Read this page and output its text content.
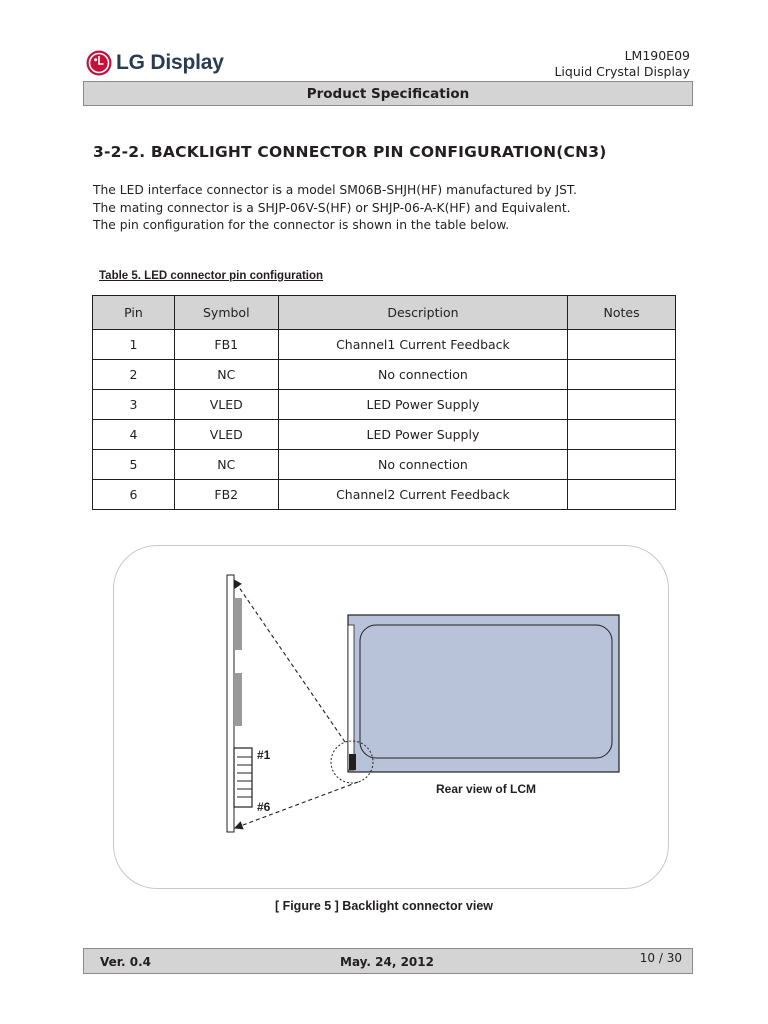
LG Display	LM190E09
Liquid Crystal Display
Product Specification
3-2-2. BACKLIGHT CONNECTOR PIN CONFIGURATION(CN3)
The LED interface connector is a model SM06B-SHJH(HF) manufactured by JST.
The mating connector is a SHJP-06V-S(HF) or SHJP-06-A-K(HF) and Equivalent.
The pin configuration for the connector is shown in the table below.
Table 5. LED connector pin configuration
Pin	Symbol	Description	Notes
1	FB1	Channel1 Current Feedback	
2	NC	No connection	
3	VLED	LED Power Supply	
4	VLED	LED Power Supply	
5	NC	No connection	
6	FB2	Channel2 Current Feedback	
#1
#6
Rear view of LCM
[ Figure 5 ] Backlight connector view
Ver. 0.4	May. 24, 2012	10 / 30
